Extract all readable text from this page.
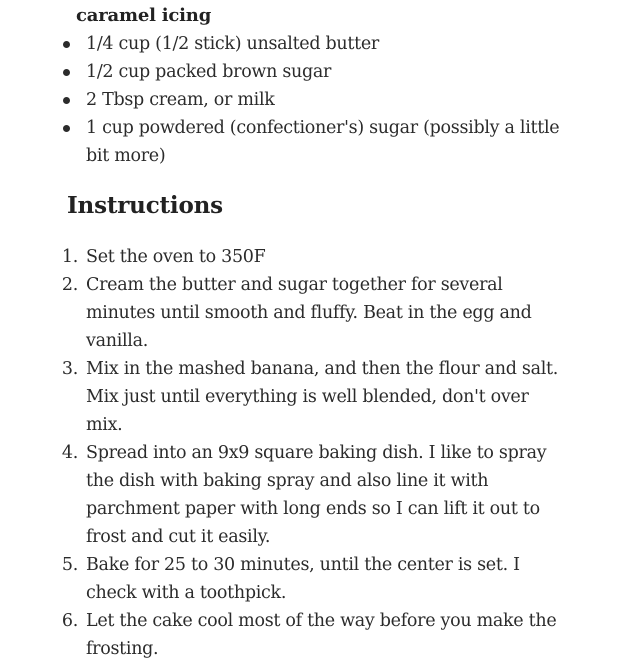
caramel icing
1/4 cup (1/2 stick) unsalted butter
1/2 cup packed brown sugar
2 Tbsp cream, or milk
1 cup powdered (confectioner's) sugar (possibly a little bit more)
Instructions
1. Set the oven to 350F
2. Cream the butter and sugar together for several minutes until smooth and fluffy. Beat in the egg and vanilla.
3. Mix in the mashed banana, and then the flour and salt. Mix just until everything is well blended, don't over mix.
4. Spread into an 9x9 square baking dish. I like to spray the dish with baking spray and also line it with parchment paper with long ends so I can lift it out to frost and cut it easily.
5. Bake for 25 to 30 minutes, until the center is set. I check with a toothpick.
6. Let the cake cool most of the way before you make the frosting.
